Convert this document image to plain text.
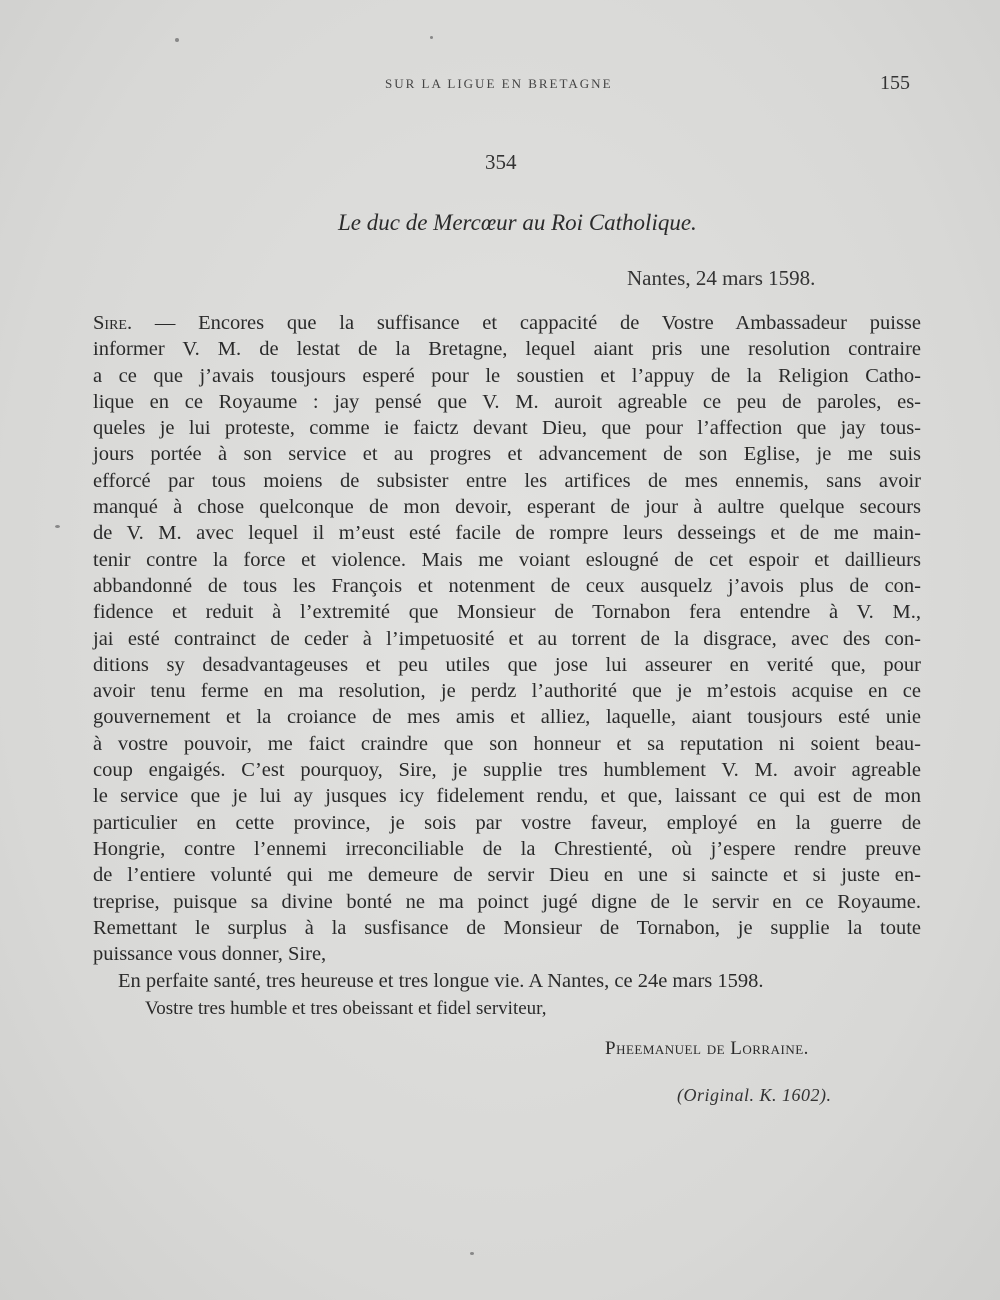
SUR LA LIGUE EN BRETAGNE	155
354
Le duc de Mercœur au Roi Catholique.
Nantes, 24 mars 1598.
Sire. — Encores que la suffisance et cappacité de Vostre Ambassadeur puisse
informer V. M. de lestat de la Bretagne, lequel aiant pris une resolution contraire
a ce que j’avais tousjours esperé pour le soustien et l’appuy de la Religion Catho-
lique en ce Royaume : jay pensé que V. M. auroit agreable ce peu de paroles, es-
queles je lui proteste, comme ie faictz devant Dieu, que pour l’affection que jay tous-
jours portée à son service et au progres et advancement de son Eglise, je me suis
efforcé par tous moiens de subsister entre les artifices de mes ennemis, sans avoir
manqué à chose quelconque de mon devoir, esperant de jour à aultre quelque secours
de V. M. avec lequel il m’eust esté facile de rompre leurs desseings et de me main-
tenir contre la force et violence. Mais me voiant eslougné de cet espoir et daillieurs
abbandonné de tous les François et notenment de ceux ausquelz j’avois plus de con-
fidence et reduit à l’extremité que Monsieur de Tornabon fera entendre à V. M.,
jai esté contrainct de ceder à l’impetuosité et au torrent de la disgrace, avec des con-
ditions sy desadvantageuses et peu utiles que jose lui asseurer en verité que, pour
avoir tenu ferme en ma resolution, je perdz l’authorité que je m’estois acquise en ce
gouvernement et la croiance de mes amis et alliez, laquelle, aiant tousjours esté unie
à vostre pouvoir, me faict craindre que son honneur et sa reputation ni soient beau-
coup engaigés. C’est pourquoy, Sire, je supplie tres humblement V. M. avoir agreable
le service que je lui ay jusques icy fidelement rendu, et que, laissant ce qui est de mon
particulier en cette province, je sois par vostre faveur, employé en la guerre de
Hongrie, contre l’ennemi irreconciliable de la Chrestienté, où j’espere rendre preuve
de l’entiere volunté qui me demeure de servir Dieu en une si saincte et si juste en-
treprise, puisque sa divine bonté ne ma poinct jugé digne de le servir en ce Royaume.
Remettant le surplus à la susfisance de Monsieur de Tornabon, je supplie la toute
puissance vous donner, Sire,
En perfaite santé, tres heureuse et tres longue vie. A Nantes, ce 24e mars 1598.
Vostre tres humble et tres obeissant et fidel serviteur,
Pheemanuel de Lorraine.
(Original. K. 1602).
